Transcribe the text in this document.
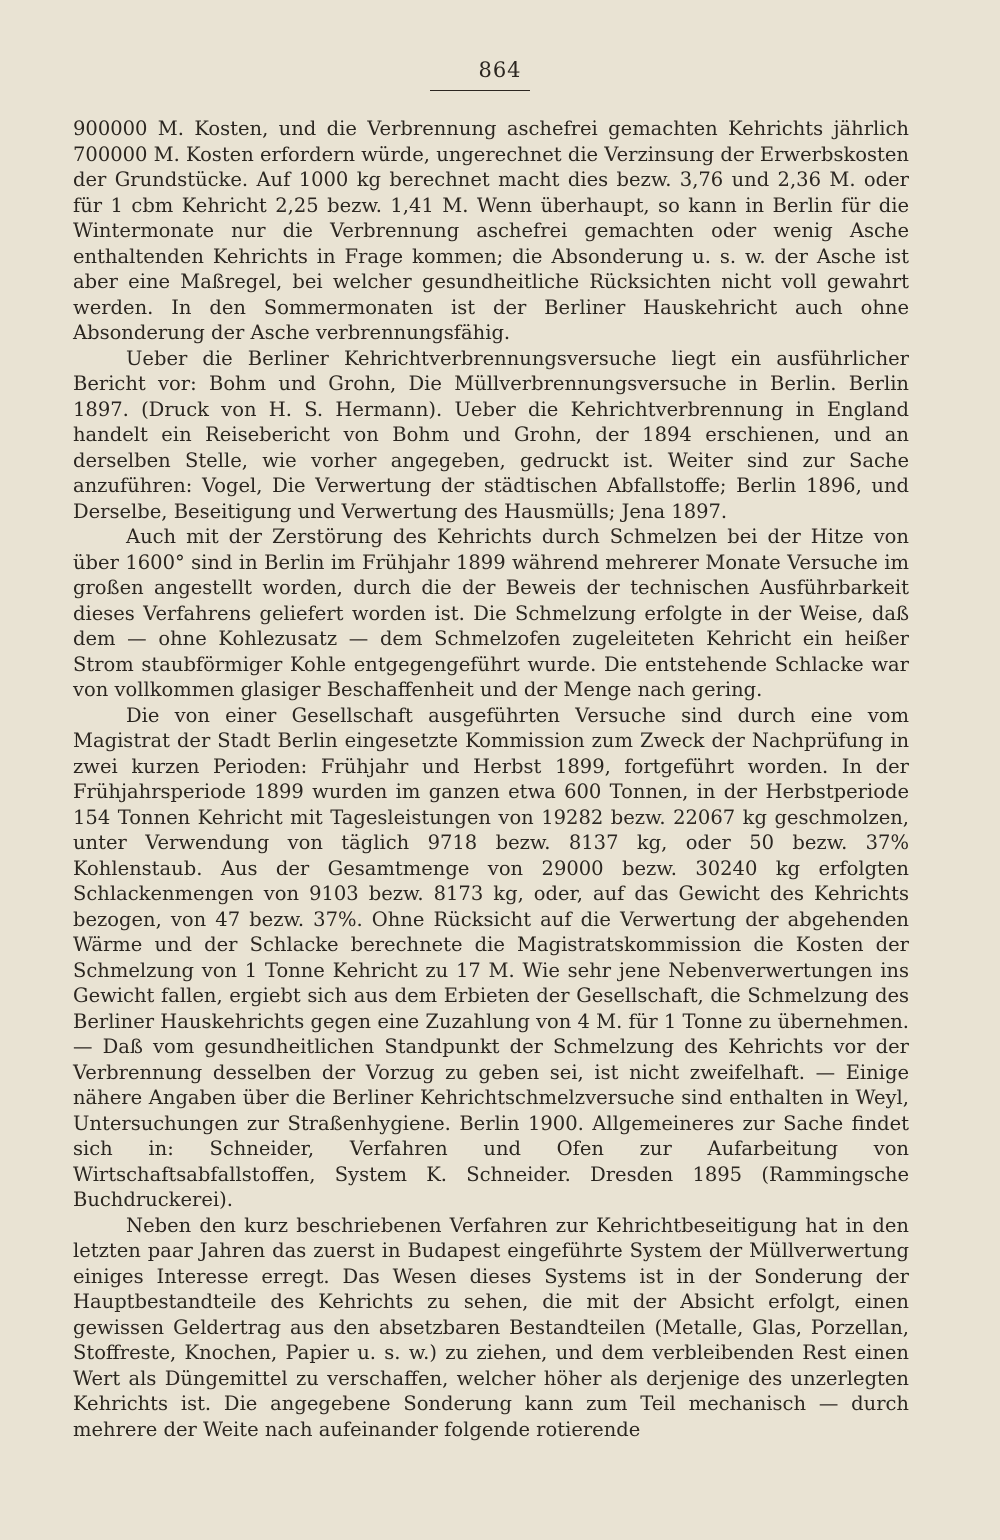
864

900000 M. Kosten, und die Verbrennung aschefrei gemachten Kehrichts jährlich 700000 M. Kosten erfordern würde, ungerechnet die Verzinsung der Erwerbskosten der Grundstücke. Auf 1000 kg berechnet macht dies bezw. 3,76 und 2,36 M. oder für 1 cbm Kehricht 2,25 bezw. 1,41 M. Wenn überhaupt, so kann in Berlin für die Wintermonate nur die Verbrennung aschefrei gemachten oder wenig Asche enthaltenden Kehrichts in Frage kommen; die Absonderung u. s. w. der Asche ist aber eine Maßregel, bei welcher gesundheitliche Rücksichten nicht voll gewahrt werden. In den Sommermonaten ist der Berliner Hauskehricht auch ohne Absonderung der Asche verbrennungsfähig.

Ueber die Berliner Kehrichtverbrennungsversuche liegt ein ausführlicher Bericht vor: Bohm und Grohn, Die Müllverbrennungsversuche in Berlin. Berlin 1897. (Druck von H. S. Hermann). Ueber die Kehrichtverbrennung in England handelt ein Reisebericht von Bohm und Grohn, der 1894 erschienen, und an derselben Stelle, wie vorher angegeben, gedruckt ist. Weiter sind zur Sache anzuführen: Vogel, Die Verwertung der städtischen Abfallstoffe; Berlin 1896, und Derselbe, Beseitigung und Verwertung des Hausmülls; Jena 1897.

Auch mit der Zerstörung des Kehrichts durch Schmelzen bei der Hitze von über 1600° sind in Berlin im Frühjahr 1899 während mehrerer Monate Versuche im großen angestellt worden, durch die der Beweis der technischen Ausführbarkeit dieses Verfahrens geliefert worden ist. Die Schmelzung erfolgte in der Weise, daß dem — ohne Kohlezusatz — dem Schmelzofen zugeleiteten Kehricht ein heißer Strom staubförmiger Kohle entgegengeführt wurde. Die entstehende Schlacke war von vollkommen glasiger Beschaffenheit und der Menge nach gering.

Die von einer Gesellschaft ausgeführten Versuche sind durch eine vom Magistrat der Stadt Berlin eingesetzte Kommission zum Zweck der Nachprüfung in zwei kurzen Perioden: Frühjahr und Herbst 1899, fortgeführt worden. In der Frühjahrsperiode 1899 wurden im ganzen etwa 600 Tonnen, in der Herbstperiode 154 Tonnen Kehricht mit Tagesleistungen von 19282 bezw. 22067 kg geschmolzen, unter Verwendung von täglich 9718 bezw. 8137 kg, oder 50 bezw. 37% Kohlenstaub. Aus der Gesamtmenge von 29000 bezw. 30240 kg erfolgten Schlackenmengen von 9103 bezw. 8173 kg, oder, auf das Gewicht des Kehrichts bezogen, von 47 bezw. 37%. Ohne Rücksicht auf die Verwertung der abgehenden Wärme und der Schlacke berechnete die Magistratskommission die Kosten der Schmelzung von 1 Tonne Kehricht zu 17 M. Wie sehr jene Nebenverwertungen ins Gewicht fallen, ergiebt sich aus dem Erbieten der Gesellschaft, die Schmelzung des Berliner Hauskehrichts gegen eine Zuzahlung von 4 M. für 1 Tonne zu übernehmen. — Daß vom gesundheitlichen Standpunkt der Schmelzung des Kehrichts vor der Verbrennung desselben der Vorzug zu geben sei, ist nicht zweifelhaft. — Einige nähere Angaben über die Berliner Kehrichtschmelzversuche sind enthalten in Weyl, Untersuchungen zur Straßenhygiene. Berlin 1900. Allgemeineres zur Sache findet sich in: Schneider, Verfahren und Ofen zur Aufarbeitung von Wirtschaftsabfallstoffen, System K. Schneider. Dresden 1895 (Rammingsche Buchdruckerei).

Neben den kurz beschriebenen Verfahren zur Kehrichtbeseitigung hat in den letzten paar Jahren das zuerst in Budapest eingeführte System der Müllverwertung einiges Interesse erregt. Das Wesen dieses Systems ist in der Sonderung der Hauptbestandteile des Kehrichts zu sehen, die mit der Absicht erfolgt, einen gewissen Geldertrag aus den absetzbaren Bestandteilen (Metalle, Glas, Porzellan, Stoffreste, Knochen, Papier u. s. w.) zu ziehen, und dem verbleibenden Rest einen Wert als Düngemittel zu verschaffen, welcher höher als derjenige des unzerlegten Kehrichts ist. Die angegebene Sonderung kann zum Teil mechanisch — durch mehrere der Weite nach aufeinander folgende rotierende
